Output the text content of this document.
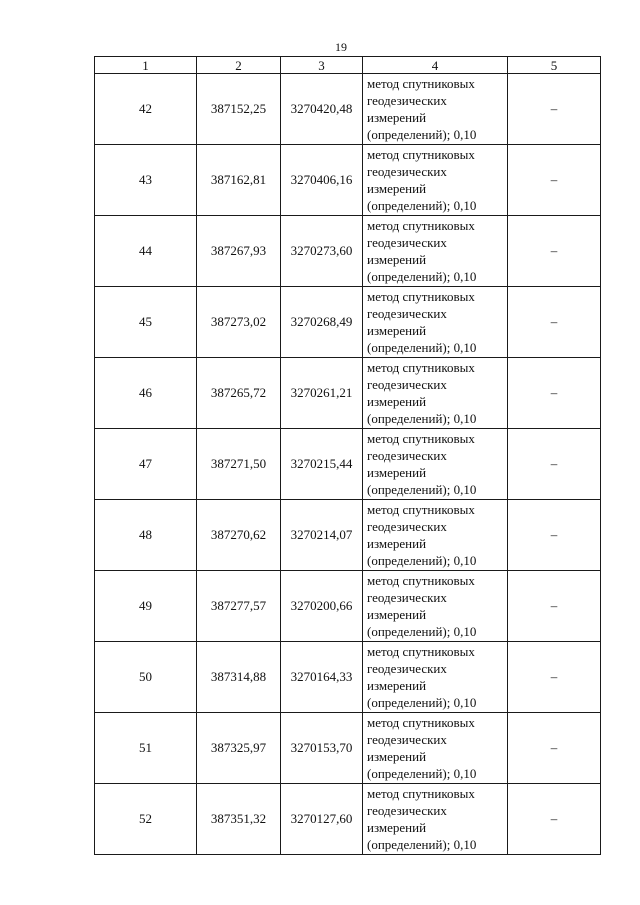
19
1	2	3	4	5
42	387152,25	3270420,48	метод спутниковых
геодезических
измерений
(определений); 0,10	–
43	387162,81	3270406,16	метод спутниковых
геодезических
измерений
(определений); 0,10	–
44	387267,93	3270273,60	метод спутниковых
геодезических
измерений
(определений); 0,10	–
45	387273,02	3270268,49	метод спутниковых
геодезических
измерений
(определений); 0,10	–
46	387265,72	3270261,21	метод спутниковых
геодезических
измерений
(определений); 0,10	–
47	387271,50	3270215,44	метод спутниковых
геодезических
измерений
(определений); 0,10	–
48	387270,62	3270214,07	метод спутниковых
геодезических
измерений
(определений); 0,10	–
49	387277,57	3270200,66	метод спутниковых
геодезических
измерений
(определений); 0,10	–
50	387314,88	3270164,33	метод спутниковых
геодезических
измерений
(определений); 0,10	–
51	387325,97	3270153,70	метод спутниковых
геодезических
измерений
(определений); 0,10	–
52	387351,32	3270127,60	метод спутниковых
геодезических
измерений
(определений); 0,10	–
